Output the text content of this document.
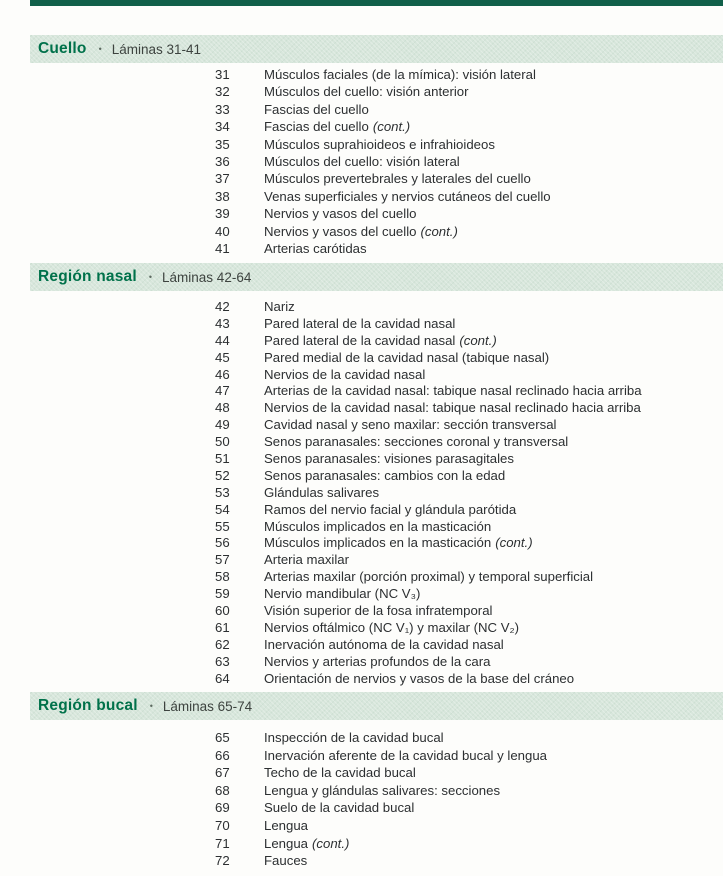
Cuello • Láminas 31-41
31	Músculos faciales (de la mímica): visión lateral
32	Músculos del cuello: visión anterior
33	Fascias del cuello
34	Fascias del cuello (cont.)
35	Músculos suprahioideos e infrahioideos
36	Músculos del cuello: visión lateral
37	Músculos prevertebrales y laterales del cuello
38	Venas superficiales y nervios cutáneos del cuello
39	Nervios y vasos del cuello
40	Nervios y vasos del cuello (cont.)
41	Arterias carótidas
Región nasal • Láminas 42-64
42	Nariz
43	Pared lateral de la cavidad nasal
44	Pared lateral de la cavidad nasal (cont.)
45	Pared medial de la cavidad nasal (tabique nasal)
46	Nervios de la cavidad nasal
47	Arterias de la cavidad nasal: tabique nasal reclinado hacia arriba
48	Nervios de la cavidad nasal: tabique nasal reclinado hacia arriba
49	Cavidad nasal y seno maxilar: sección transversal
50	Senos paranasales: secciones coronal y transversal
51	Senos paranasales: visiones parasagitales
52	Senos paranasales: cambios con la edad
53	Glándulas salivares
54	Ramos del nervio facial y glándula parótida
55	Músculos implicados en la masticación
56	Músculos implicados en la masticación (cont.)
57	Arteria maxilar
58	Arterias maxilar (porción proximal) y temporal superficial
59	Nervio mandibular (NC V₃)
60	Visión superior de la fosa infratemporal
61	Nervios oftálmico (NC V₁) y maxilar (NC V₂)
62	Inervación autónoma de la cavidad nasal
63	Nervios y arterias profundos de la cara
64	Orientación de nervios y vasos de la base del cráneo
Región bucal • Láminas 65-74
65	Inspección de la cavidad bucal
66	Inervación aferente de la cavidad bucal y lengua
67	Techo de la cavidad bucal
68	Lengua y glándulas salivares: secciones
69	Suelo de la cavidad bucal
70	Lengua
71	Lengua (cont.)
72	Fauces
